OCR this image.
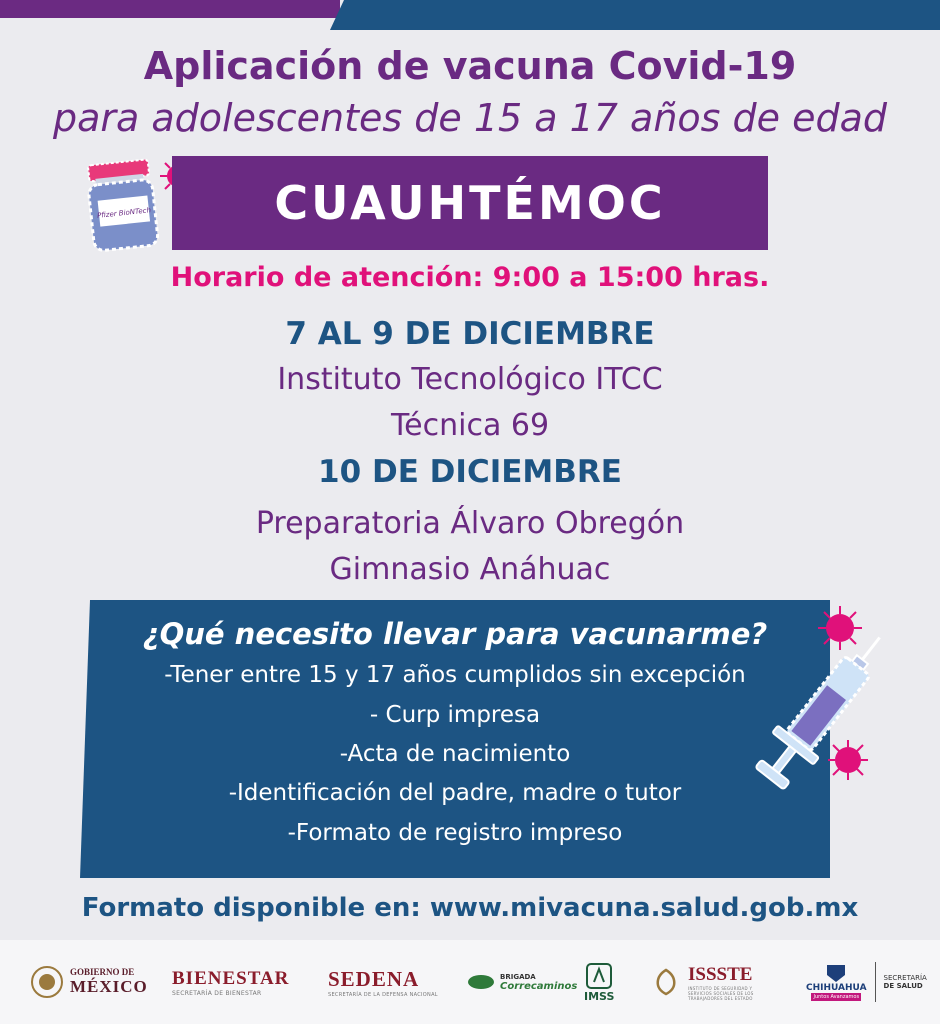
Aplicación de vacuna Covid-19
para adolescentes de 15 a 17 años de edad
Pfizer BioNTech	CUAUHTÉMOC
Horario de atención: 9:00 a 15:00 hras.
7 AL 9 DE DICIEMBRE
Instituto Tecnológico ITCC
Técnica 69
10 DE DICIEMBRE
Preparatoria Álvaro Obregón
Gimnasio Anáhuac
¿Qué necesito llevar para vacunarme?
-Tener entre 15 y 17 años cumplidos sin excepción
- Curp impresa
-Acta de nacimiento
-Identificación del padre, madre o tutor
-Formato de registro impreso
Formato disponible en: www.mivacuna.salud.gob.mx
GOBIERNO DE
MÉXICO BIENESTAR
SECRETARÍA DE BIENESTAR
SEDENA
SECRETARÍA DE LA DEFENSA NACIONAL
BRIGADA
Correcaminos
IMSS
ISSSTE
INSTITUTO DE SEGURIDAD Y SERVICIOS SOCIALES DE LOS TRABAJADORES DEL ESTADO
CHIHUAHUA
Juntos Avanzamos
SECRETARÍA
DE SALUD
